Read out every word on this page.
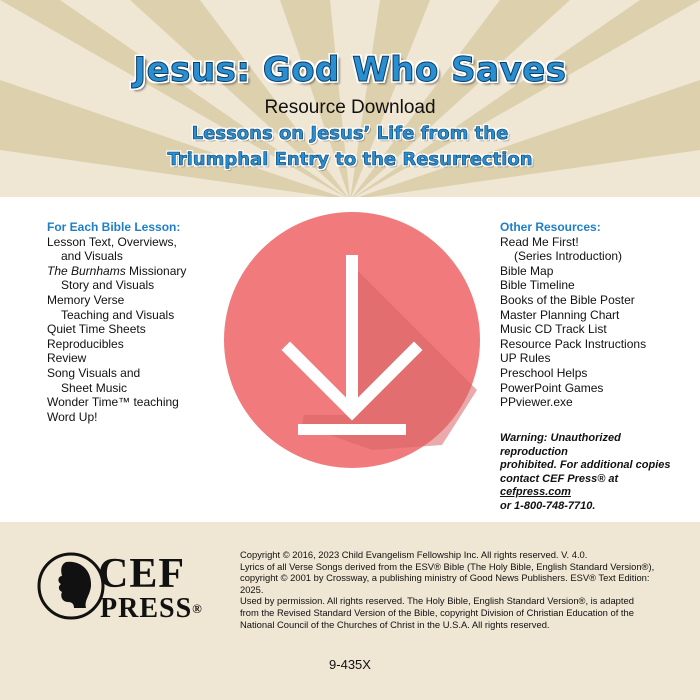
Jesus: God Who Saves
Resource Download
Lessons on Jesus’ Life from the
Triumphal Entry to the Resurrection
For Each Bible Lesson:
Lesson Text, Overviews,
and Visuals
The Burnhams Missionary
Story and Visuals
Memory Verse
Teaching and Visuals
Quiet Time Sheets
Reproducibles
Review
Song Visuals and
Sheet Music
Wonder Time™ teaching
Word Up!
Other Resources:
Read Me First!
(Series Introduction)
Bible Map
Bible Timeline
Books of the Bible Poster
Master Planning Chart
Music CD Track List
Resource Pack Instructions
UP Rules
Preschool Helps
PowerPoint Games
PPviewer.exe
Warning: Unauthorized reproduction
prohibited. For additional copies
contact CEF Press® at cefpress.com
or 1-800-748-7710.
CEF
PRESS®
Copyright © 2016, 2023 Child Evangelism Fellowship Inc. All rights reserved. V. 4.0.
Lyrics of all Verse Songs derived from the ESV® Bible (The Holy Bible, English Standard Version®),
copyright © 2001 by Crossway, a publishing ministry of Good News Publishers. ESV® Text Edition: 2025.
Used by permission. All rights reserved. The Holy Bible, English Standard Version®, is adapted
from the Revised Standard Version of the Bible, copyright Division of Christian Education of the
National Council of the Churches of Christ in the U.S.A. All rights reserved.
9-435X
